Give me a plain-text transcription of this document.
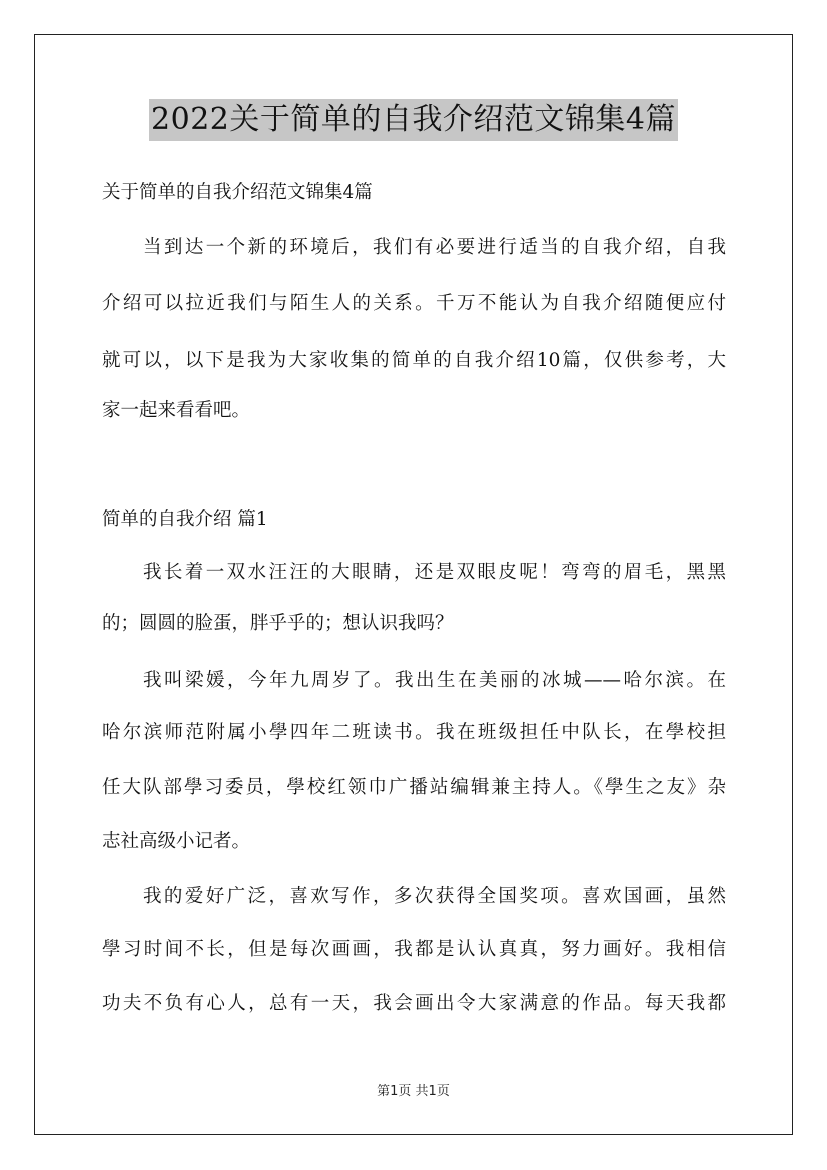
2022关于简单的自我介绍范文锦集4篇

关于简单的自我介绍范文锦集4篇

当到达一个新的环境后，我们有必要进行适当的自我介绍，自我

介绍可以拉近我们与陌生人的关系。千万不能认为自我介绍随便应付

就可以，以下是我为大家收集的简单的自我介绍10篇，仅供参考，大

家一起来看看吧。

简单的自我介绍 篇1

我长着一双水汪汪的大眼睛，还是双眼皮呢！弯弯的眉毛，黑黑

的；圆圆的脸蛋，胖乎乎的；想认识我吗？

我叫梁媛，今年九周岁了。我出生在美丽的冰城——哈尔滨。在

哈尔滨师范附属小學四年二班读书。我在班级担任中队长，在學校担

任大队部學习委员，學校红领巾广播站编辑兼主持人。《學生之友》杂

志社高级小记者。

我的爱好广泛，喜欢写作，多次获得全国奖项。喜欢国画，虽然

學习时间不长，但是每次画画，我都是认认真真，努力画好。我相信

功夫不负有心人，总有一天，我会画出令大家满意的作品。每天我都

第1页 共1页
